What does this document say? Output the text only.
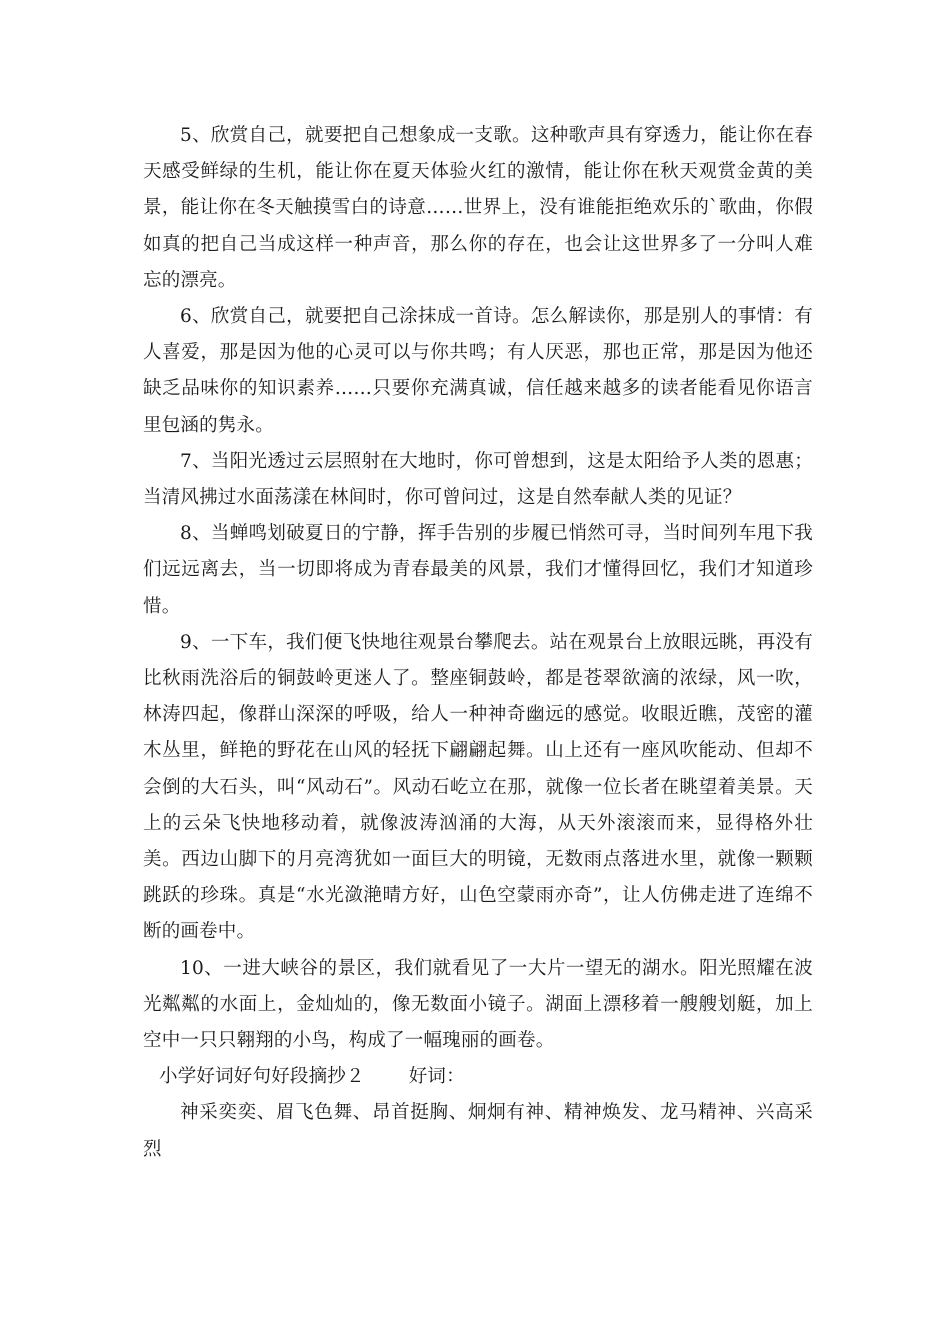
5、欣赏自己，就要把自己想象成一支歌。这种歌声具有穿透力，能让你在春天感受鲜绿的生机，能让你在夏天体验火红的激情，能让你在秋天观赏金黄的美景，能让你在冬天触摸雪白的诗意……世界上，没有谁能拒绝欢乐的`歌曲，你假如真的把自己当成这样一种声音，那么你的存在，也会让这世界多了一分叫人难忘的漂亮。

6、欣赏自己，就要把自己涂抹成一首诗。怎么解读你，那是别人的事情：有人喜爱，那是因为他的心灵可以与你共鸣；有人厌恶，那也正常，那是因为他还缺乏品味你的知识素养……只要你充满真诚，信任越来越多的读者能看见你语言里包涵的隽永。

7、当阳光透过云层照射在大地时，你可曾想到，这是太阳给予人类的恩惠；当清风拂过水面荡漾在林间时，你可曾问过，这是自然奉献人类的见证？

8、当蝉鸣划破夏日的宁静，挥手告别的步履已悄然可寻，当时间列车甩下我们远远离去，当一切即将成为青春最美的风景，我们才懂得回忆，我们才知道珍惜。

9、一下车，我们便飞快地往观景台攀爬去。站在观景台上放眼远眺，再没有比秋雨洗浴后的铜鼓岭更迷人了。整座铜鼓岭，都是苍翠欲滴的浓绿，风一吹，林涛四起，像群山深深的呼吸，给人一种神奇幽远的感觉。收眼近瞧，茂密的灌木丛里，鲜艳的野花在山风的轻抚下翩翩起舞。山上还有一座风吹能动、但却不会倒的大石头，叫“风动石”。风动石屹立在那，就像一位长者在眺望着美景。天上的云朵飞快地移动着，就像波涛汹涌的大海，从天外滚滚而来，显得格外壮美。西边山脚下的月亮湾犹如一面巨大的明镜，无数雨点落进水里，就像一颗颗跳跃的珍珠。真是“水光潋滟晴方好，山色空蒙雨亦奇”，让人仿佛走进了连绵不断的画卷中。

10、一进大峡谷的景区，我们就看见了一大片一望无的湖水。阳光照耀在波光粼粼的水面上，金灿灿的，像无数面小镜子。湖面上漂移着一艘艘划艇，加上空中一只只翱翔的小鸟，构成了一幅瑰丽的画卷。

小学好词好句好段摘抄２ 好词：

神采奕奕、眉飞色舞、昂首挺胸、炯炯有神、精神焕发、龙马精神、兴高采烈
